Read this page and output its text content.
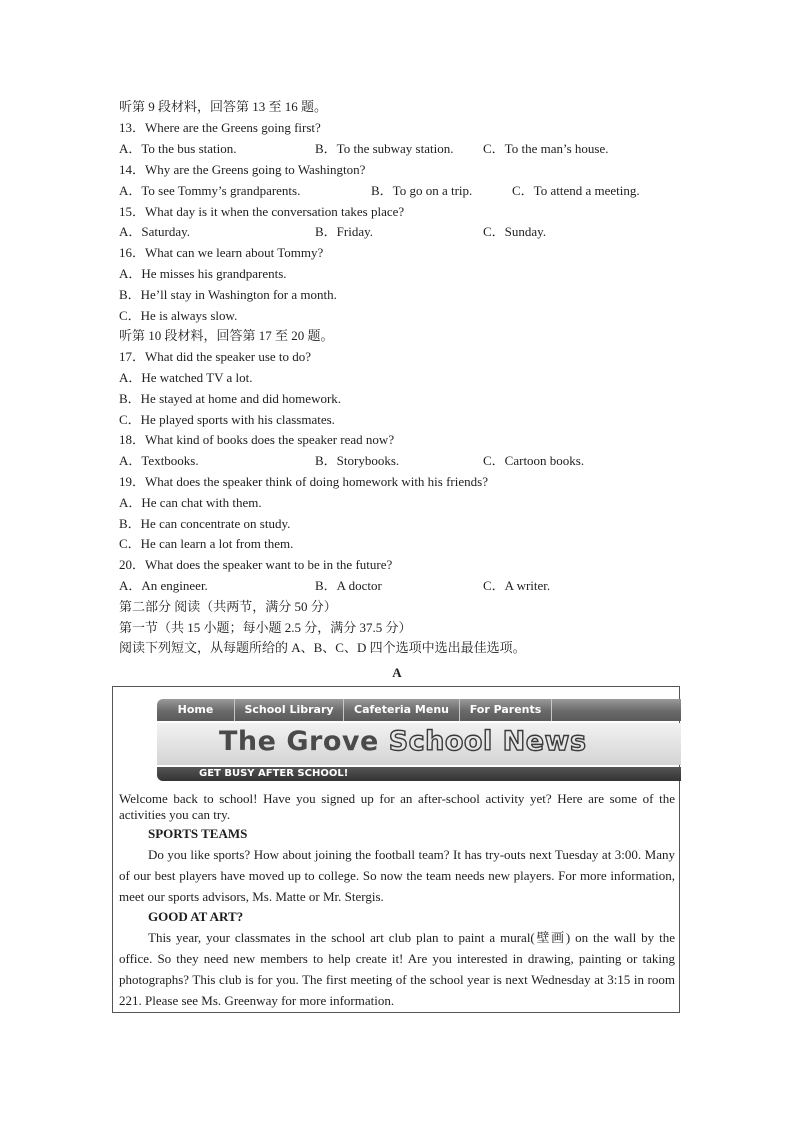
听第 9 段材料，回答第 13 至 16 题。
13．Where are the Greens going first?
A．To the bus station.	B．To the subway station. C．To the man’s house.
14．Why are the Greens going to Washington?
A．To see Tommy’s grandparents.	B．To go on a trip.	C．To attend a meeting.
15．What day is it when the conversation takes place?
A．Saturday.	B．Friday.	C．Sunday.
16．What can we learn about Tommy?
A．He misses his grandparents.
B．He’ll stay in Washington for a month.
C．He is always slow.
听第 10 段材料，回答第 17 至 20 题。
17．What did the speaker use to do?
A．He watched TV a lot.
B．He stayed at home and did homework.
C．He played sports with his classmates.
18．What kind of books does the speaker read now?
A．Textbooks.	B．Storybooks.	C．Cartoon books.
19．What does the speaker think of doing homework with his friends?
A．He can chat with them.
B．He can concentrate on study.
C．He can learn a lot from them.
20．What does the speaker want to be in the future?
A．An engineer.	B．A doctor	C．A writer.
第二部分 阅读（共两节，满分 50 分）
第一节（共 15 小题；每小题 2.5 分，满分 37.5 分）
阅读下列短文，从每题所给的 A、B、C、D 四个选项中选出最佳选项。
A
Home	School Library	Cafeteria Menu	For Parents
The Grove School News
GET BUSY AFTER SCHOOL!
Welcome back to school! Have you signed up for an after-school activity yet? Here are some of the activities you can try.
SPORTS TEAMS
Do you like sports? How about joining the football team? It has try-outs next Tuesday at 3:00. Many of our best players have moved up to college. So now the team needs new players. For more information, meet our sports advisors, Ms. Matte or Mr. Stergis.
GOOD AT ART?
This year, your classmates in the school art club plan to paint a mural(壁画) on the wall by the office. So they need new members to help create it! Are you interested in drawing, painting or taking photographs? This club is for you. The first meeting of the school year is next Wednesday at 3:15 in room 221. Please see Ms. Greenway for more information.
